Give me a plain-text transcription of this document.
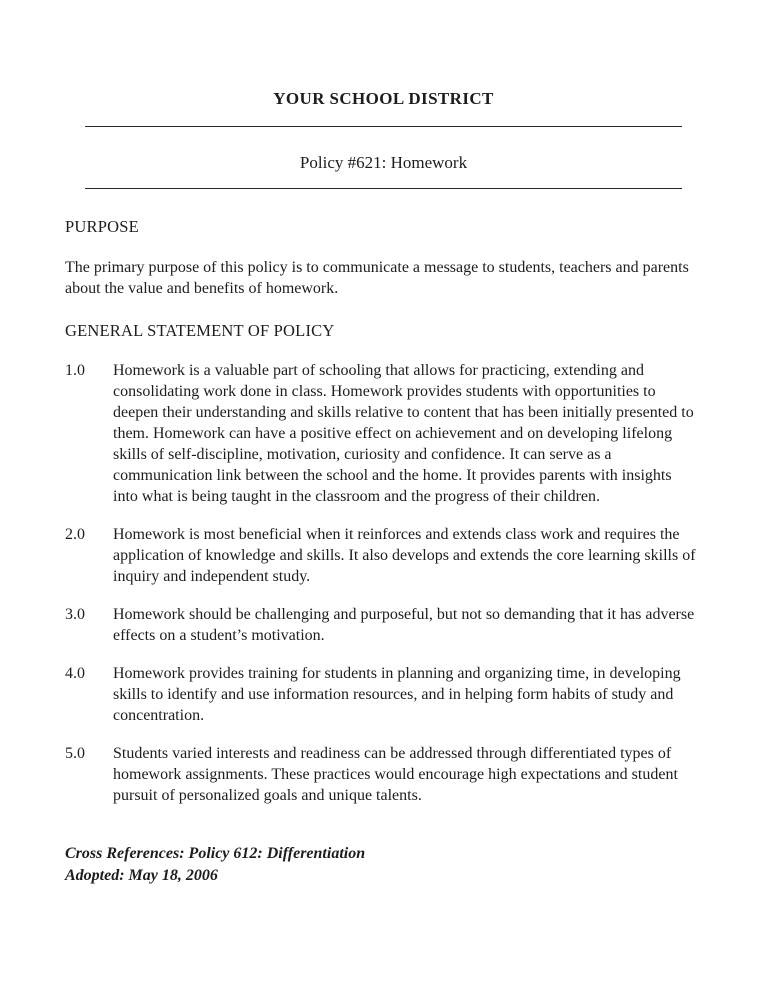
YOUR SCHOOL DISTRICT

Policy #621: Homework

PURPOSE

The primary purpose of this policy is to communicate a message to students, teachers and parents about the value and benefits of homework.

GENERAL STATEMENT OF POLICY
1.0	Homework is a valuable part of schooling that allows for practicing, extending and consolidating work done in class. Homework provides students with opportunities to deepen their understanding and skills relative to content that has been initially presented to them. Homework can have a positive effect on achievement and on developing lifelong skills of self-discipline, motivation, curiosity and confidence. It can serve as a communication link between the school and the home. It provides parents with insights into what is being taught in the classroom and the progress of their children.
2.0	Homework is most beneficial when it reinforces and extends class work and requires the application of knowledge and skills. It also develops and extends the core learning skills of inquiry and independent study.
3.0	Homework should be challenging and purposeful, but not so demanding that it has adverse effects on a student’s motivation.
4.0	Homework provides training for students in planning and organizing time, in developing skills to identify and use information resources, and in helping form habits of study and concentration.
5.0	Students varied interests and readiness can be addressed through differentiated types of homework assignments. These practices would encourage high expectations and student pursuit of personalized goals and unique talents.
Cross References: Policy 612: Differentiation
Adopted: May 18, 2006
